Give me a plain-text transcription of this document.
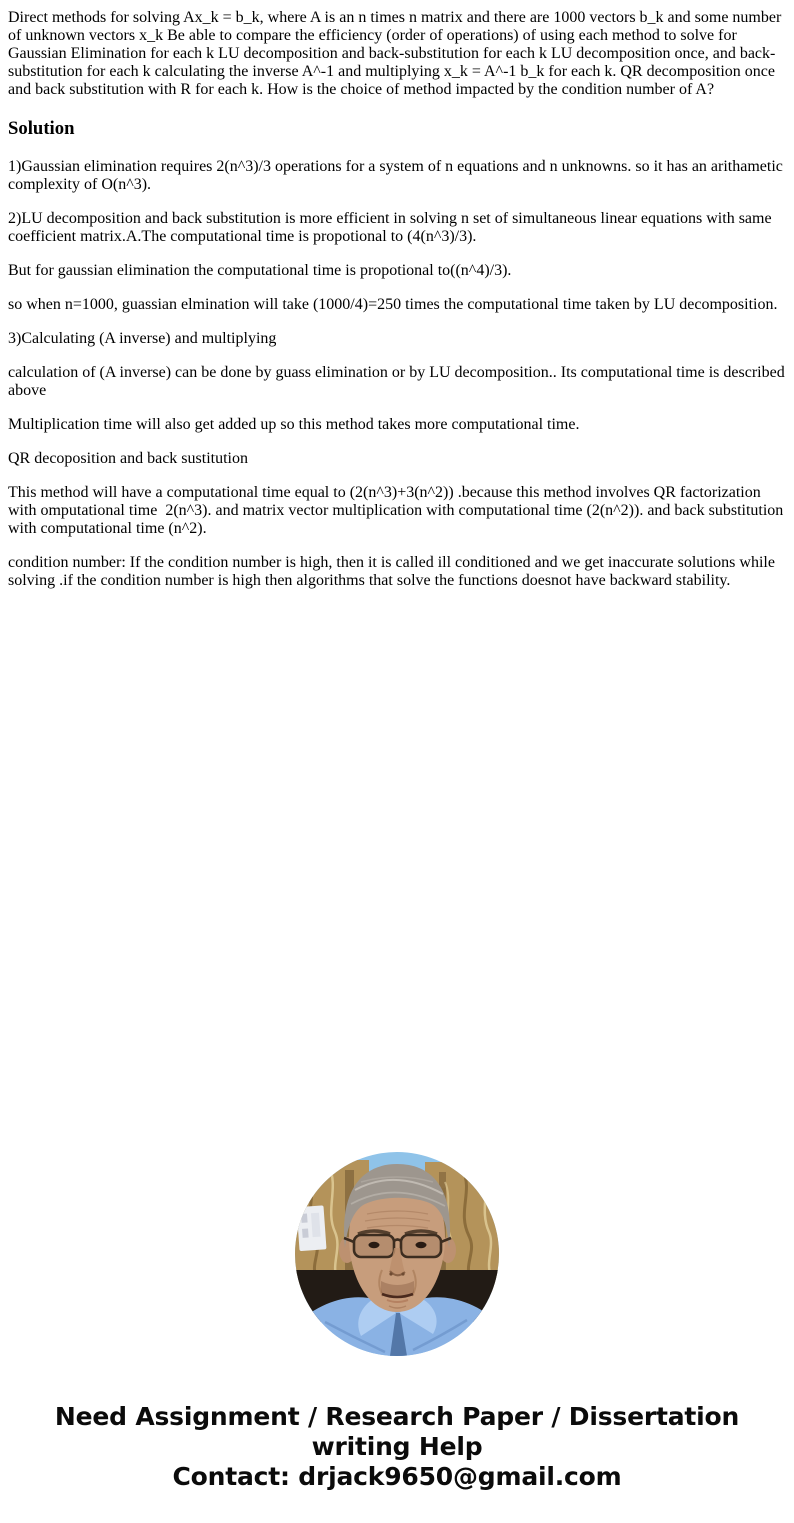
Direct methods for solving Ax_k = b_k, where A is an n times n matrix and there are 1000 vectors b_k and some number of unknown vectors x_k Be able to compare the efficiency (order of operations) of using each method to solve for Gaussian Elimination for each k LU decomposition and back-substitution for each k LU decomposition once, and back-substitution for each k calculating the inverse A^-1 and multiplying x_k = A^-1 b_k for each k. QR decomposition once and back substitution with R for each k. How is the choice of method impacted by the condition number of A?

Solution

1)Gaussian elimination requires 2(n^3)/3 operations for a system of n equations and n unknowns. so it has an arithametic complexity of O(n^3).

2)LU decomposition and back substitution is more efficient in solving n set of simultaneous linear equations with same coefficient matrix.A.The computational time is propotional to (4(n^3)/3).

But for gaussian elimination the computational time is propotional to((n^4)/3).

so when n=1000, guassian elmination will take (1000/4)=250 times the computational time taken by LU decomposition.

3)Calculating (A inverse) and multiplying

calculation of (A inverse) can be done by guass elimination or by LU decomposition.. Its computational time is described above

Multiplication time will also get added up so this method takes more computational time.

QR decoposition and back sustitution

This method will have a computational time equal to (2(n^3)+3(n^2)) .because this method involves QR factorization with omputational time  2(n^3). and matrix vector multiplication with computational time (2(n^2)). and back substitution with computational time (n^2).

condition number: If the condition number is high, then it is called ill conditioned and we get inaccurate solutions while solving .if the condition number is high then algorithms that solve the functions doesnot have backward stability.

Need Assignment / Research Paper / Dissertation
writing Help
Contact: drjack9650@gmail.com
